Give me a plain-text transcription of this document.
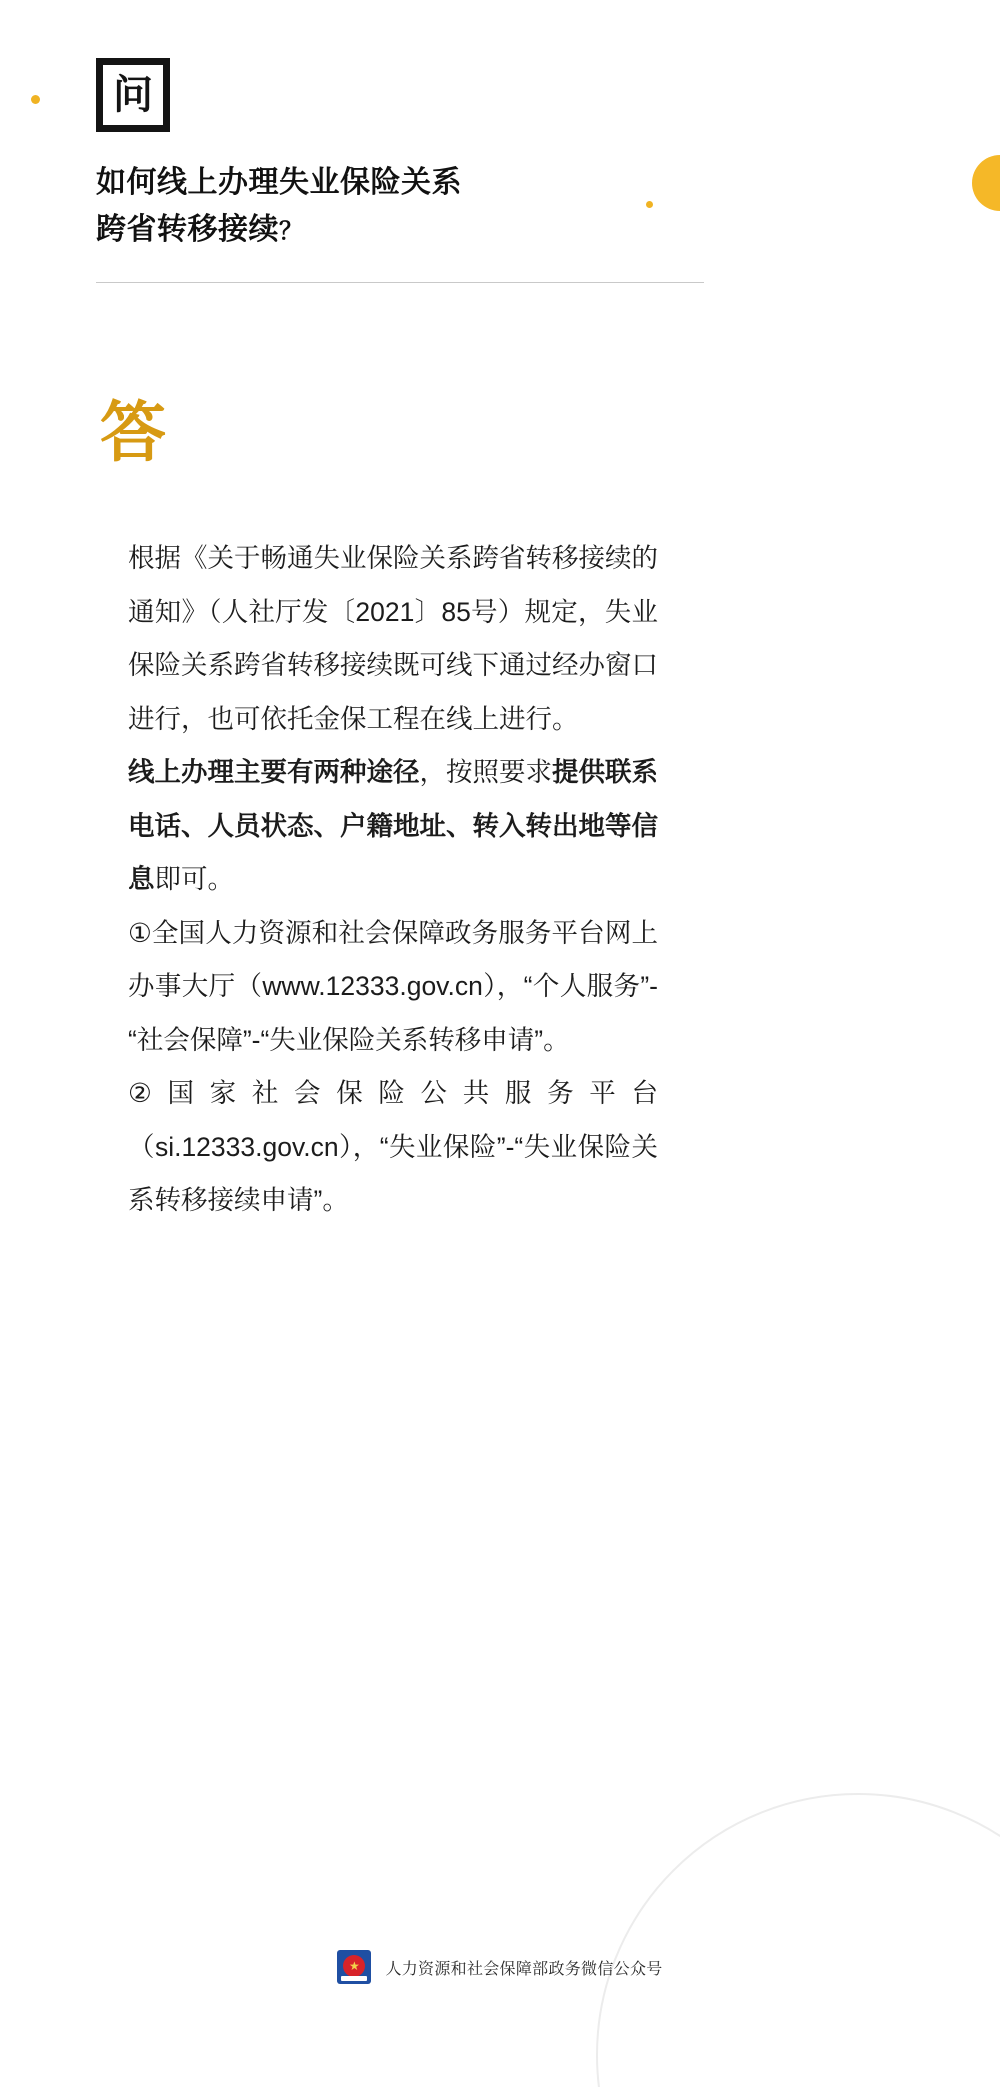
问
如何线上办理失业保险关系
跨省转移接续？
答

根据《关于畅通失业保险关系跨省转移接续的通知》（人社厅发〔2021〕85号）规定，失业保险关系跨省转移接续既可线下通过经办窗口进行，也可依托金保工程在线上进行。

线上办理主要有两种途径，按照要求提供联系电话、人员状态、户籍地址、转入转出地等信息即可。

①全国人力资源和社会保障政务服务平台网上办事大厅（www.12333.gov.cn），“个人服务”-“社会保障”-“失业保险关系转移申请”。

②国家社会保险公共服务平台（si.12333.gov.cn），“失业保险”-“失业保险关系转移接续申请”。

★
人力资源和社会保障部政务微信公众号
